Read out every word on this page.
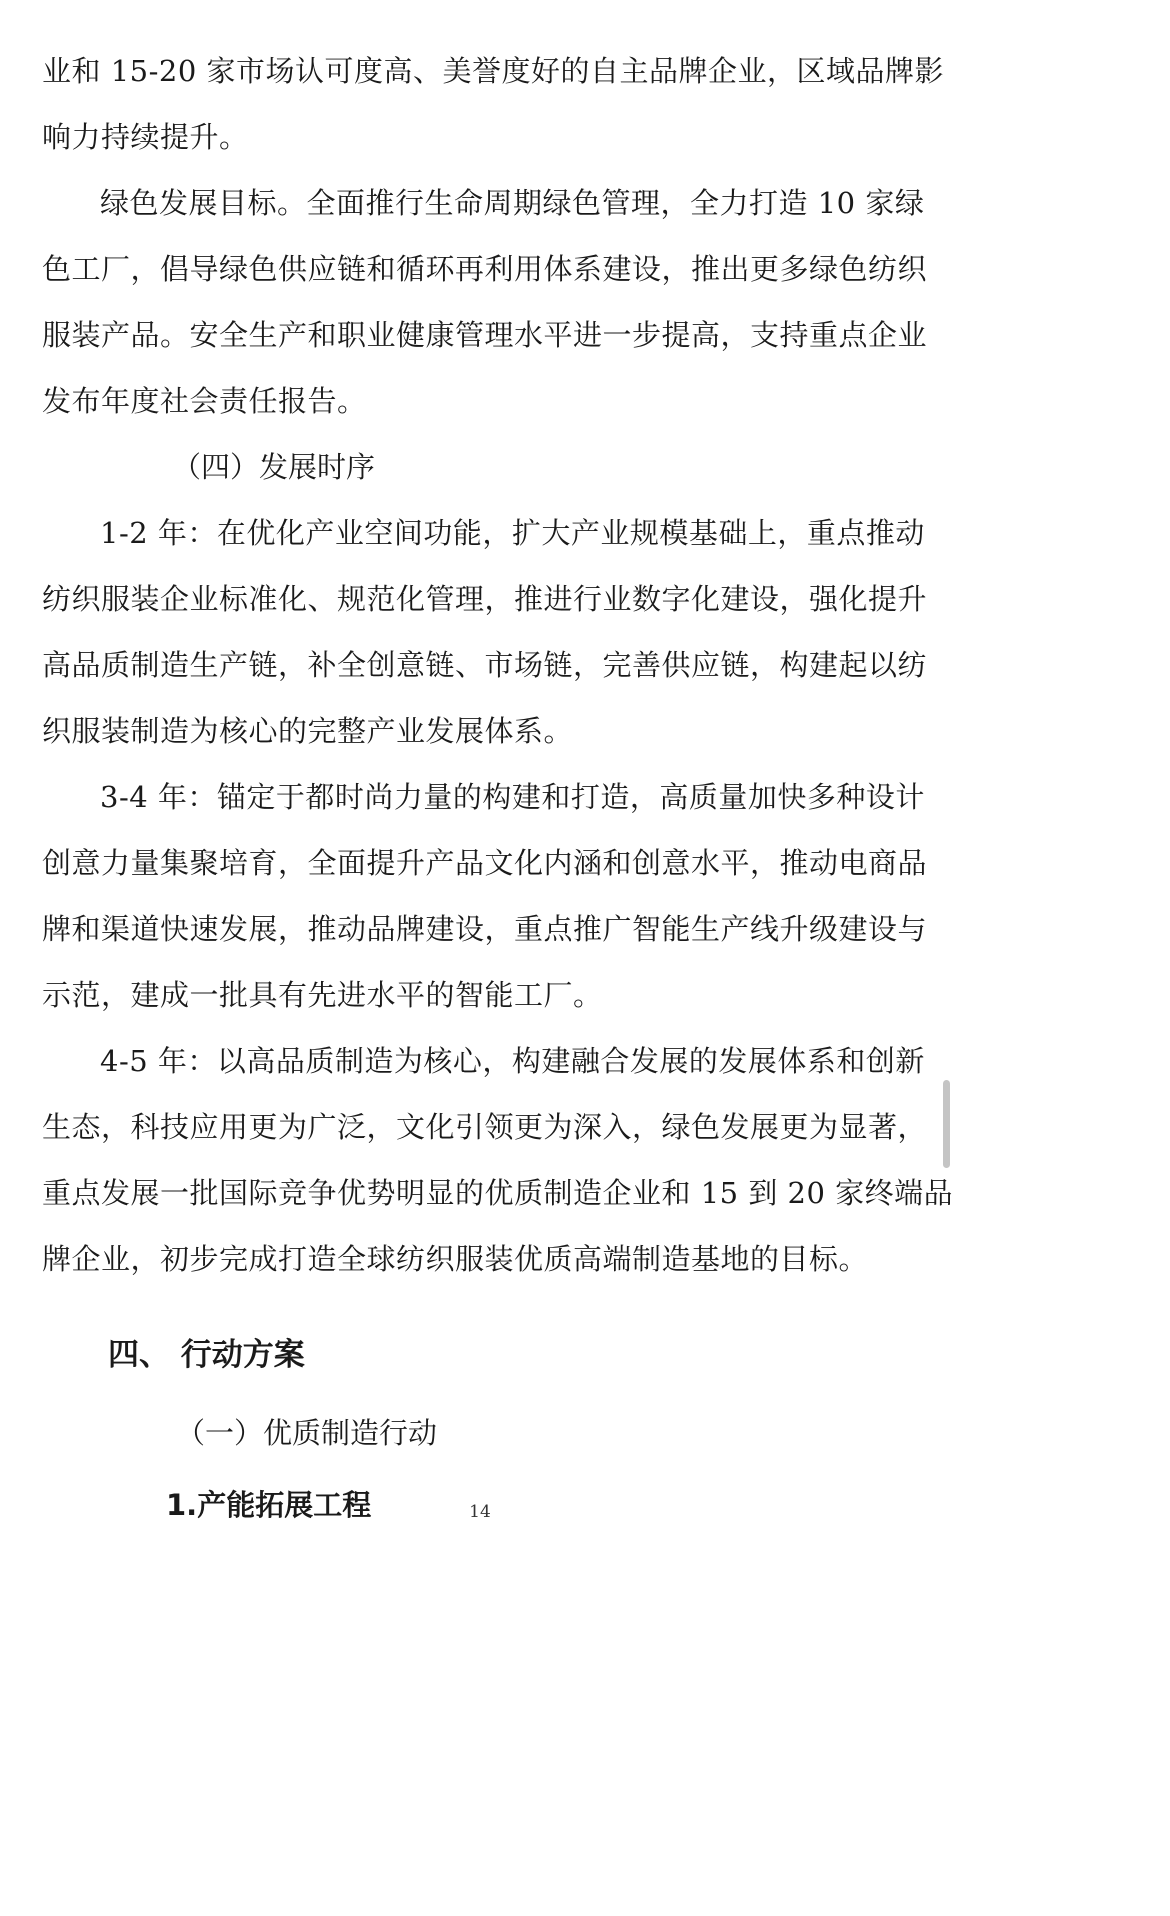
业和 15-20 家市场认可度高、美誉度好的自主品牌企业，区域品牌影
响力持续提升。
绿色发展目标。全面推行生命周期绿色管理，全力打造 10 家绿
色工厂，倡导绿色供应链和循环再利用体系建设，推出更多绿色纺织
服装产品。安全生产和职业健康管理水平进一步提高，支持重点企业
发布年度社会责任报告。
（四）发展时序
1-2 年：在优化产业空间功能，扩大产业规模基础上，重点推动
纺织服装企业标准化、规范化管理，推进行业数字化建设，强化提升
高品质制造生产链，补全创意链、市场链，完善供应链，构建起以纺
织服装制造为核心的完整产业发展体系。
3-4 年：锚定于都时尚力量的构建和打造，高质量加快多种设计
创意力量集聚培育，全面提升产品文化内涵和创意水平，推动电商品
牌和渠道快速发展，推动品牌建设，重点推广智能生产线升级建设与
示范，建成一批具有先进水平的智能工厂。
4-5 年：以高品质制造为核心，构建融合发展的发展体系和创新
生态，科技应用更为广泛，文化引领更为深入，绿色发展更为显著，
重点发展一批国际竞争优势明显的优质制造企业和 15 到 20 家终端品
牌企业，初步完成打造全球纺织服装优质高端制造基地的目标。
四、 行动方案
（一）优质制造行动
1.产能拓展工程	14
